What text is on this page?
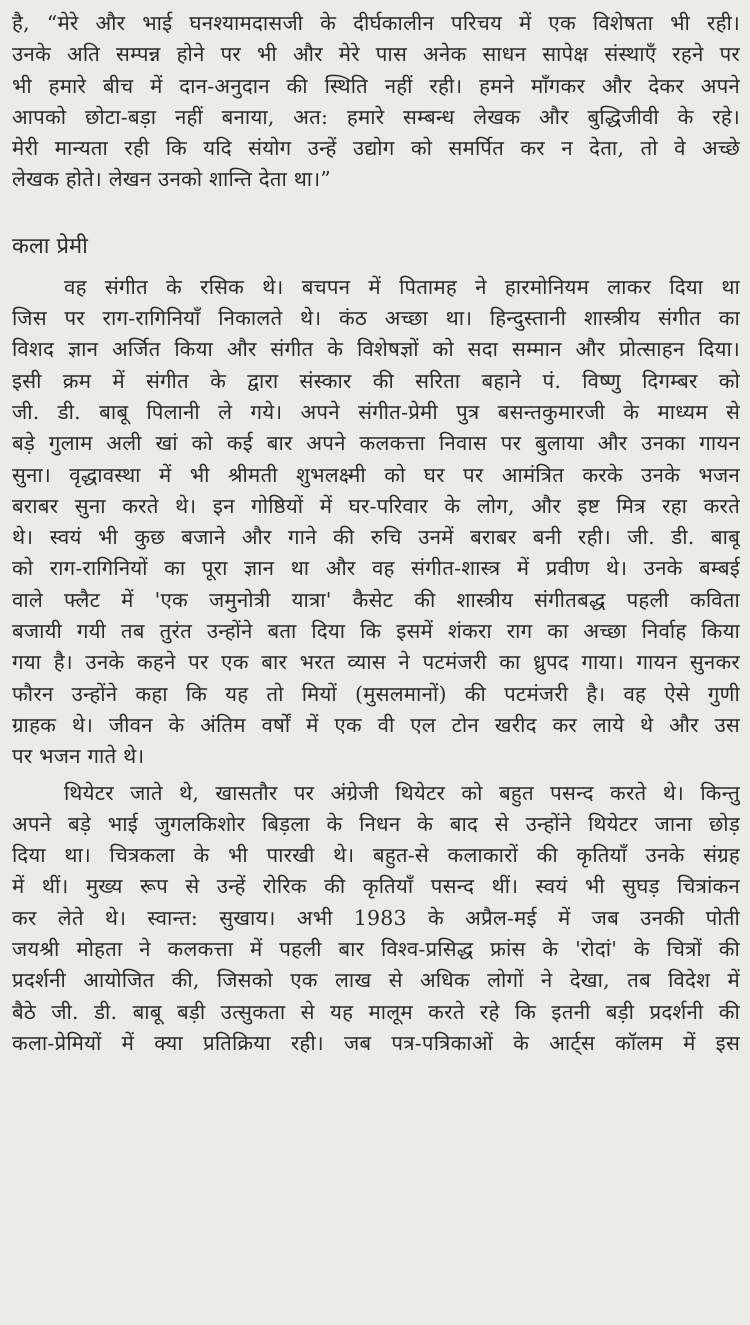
है, “मेरे और भाई घनश्यामदासजी के दीर्घकालीन परिचय में एक विशेषता भी रही।
उनके अति सम्पन्न होने पर भी और मेरे पास अनेक साधन सापेक्ष संस्थाएँ रहने पर
भी हमारे बीच में दान-अनुदान की स्थिति नहीं रही। हमने माँगकर और देकर अपने
आपको छोटा-बड़ा नहीं बनाया, अत: हमारे सम्बन्ध लेखक और बुद्धिजीवी के रहे।
मेरी मान्यता रही कि यदि संयोग उन्हें उद्योग को समर्पित कर न देता, तो वे अच्छे
लेखक होते। लेखन उनको शान्ति देता था।”
कला प्रेमी
वह संगीत के रसिक थे। बचपन में पितामह ने हारमोनियम लाकर दिया था
जिस पर राग-रागिनियाँ निकालते थे। कंठ अच्छा था। हिन्दुस्तानी शास्त्रीय संगीत का
विशद ज्ञान अर्जित किया और संगीत के विशेषज्ञों को सदा सम्मान और प्रोत्साहन दिया।
इसी क्रम में संगीत के द्वारा संस्कार की सरिता बहाने पं. विष्णु दिगम्बर को
जी. डी. बाबू पिलानी ले गये। अपने संगीत-प्रेमी पुत्र बसन्तकुमारजी के माध्यम से
बड़े गुलाम अली खां को कई बार अपने कलकत्ता निवास पर बुलाया और उनका गायन
सुना। वृद्धावस्था में भी श्रीमती शुभलक्ष्मी को घर पर आमंत्रित करके उनके भजन
बराबर सुना करते थे। इन गोष्ठियों में घर-परिवार के लोग, और इष्ट मित्र रहा करते
थे। स्वयं भी कुछ बजाने और गाने की रुचि उनमें बराबर बनी रही। जी. डी. बाबू
को राग-रागिनियों का पूरा ज्ञान था और वह संगीत-शास्त्र में प्रवीण थे। उनके बम्बई
वाले फ्लैट में 'एक जमुनोत्री यात्रा' कैसेट की शास्त्रीय संगीतबद्ध पहली कविता
बजायी गयी तब तुरंत उन्होंने बता दिया कि इसमें शंकरा राग का अच्छा निर्वाह किया
गया है। उनके कहने पर एक बार भरत व्यास ने पटमंजरी का ध्रुपद गाया। गायन सुनकर
फौरन उन्होंने कहा कि यह तो मियों (मुसलमानों) की पटमंजरी है। वह ऐसे गुणी
ग्राहक थे। जीवन के अंतिम वर्षों में एक वी एल टोन खरीद कर लाये थे और उस
पर भजन गाते थे।
थियेटर जाते थे, खासतौर पर अंग्रेजी थियेटर को बहुत पसन्द करते थे। किन्तु
अपने बड़े भाई जुगलकिशोर बिड़ला के निधन के बाद से उन्होंने थियेटर जाना छोड़
दिया था। चित्रकला के भी पारखी थे। बहुत-से कलाकारों की कृतियाँ उनके संग्रह
में थीं। मुख्य रूप से उन्हें रोरिक की कृतियाँ पसन्द थीं। स्वयं भी सुघड़ चित्रांकन
कर लेते थे। स्वान्त: सुखाय। अभी 1983 के अप्रैल-मई में जब उनकी पोती
जयश्री मोहता ने कलकत्ता में पहली बार विश्व-प्रसिद्ध फ्रांस के 'रोदां' के चित्रों की
प्रदर्शनी आयोजित की, जिसको एक लाख से अधिक लोगों ने देखा, तब विदेश में
बैठे जी. डी. बाबू बड़ी उत्सुकता से यह मालूम करते रहे कि इतनी बड़ी प्रदर्शनी की
कला-प्रेमियों में क्या प्रतिक्रिया रही। जब पत्र-पत्रिकाओं के आर्ट्स कॉलम में इस
